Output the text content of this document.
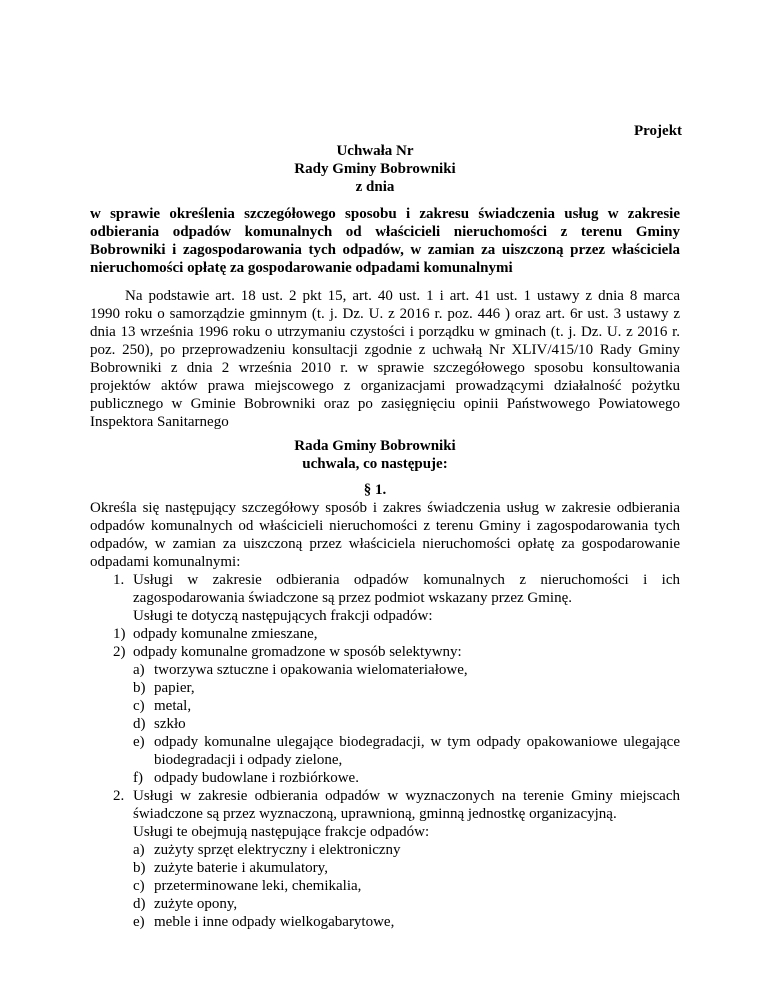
Projekt
Uchwała Nr
Rady Gminy Bobrowniki
z dnia
w sprawie określenia szczegółowego sposobu i zakresu świadczenia usług w zakresie
odbierania odpadów komunalnych od właścicieli nieruchomości z terenu Gminy
Bobrowniki i zagospodarowania tych odpadów, w zamian za uiszczoną przez właściciela
nieruchomości opłatę za gospodarowanie odpadami komunalnymi
Na podstawie art. 18 ust. 2 pkt 15, art. 40 ust. 1 i art. 41 ust. 1 ustawy z dnia 8 marca
1990 roku o samorządzie gminnym (t. j. Dz. U. z 2016 r. poz. 446 ) oraz art. 6r ust. 3 ustawy z
dnia 13 września 1996 roku o utrzymaniu czystości i porządku w gminach (t. j. Dz. U. z 2016 r.
poz. 250), po przeprowadzeniu konsultacji zgodnie z uchwałą Nr XLIV/415/10 Rady Gminy
Bobrowniki z dnia 2 września 2010 r. w sprawie szczegółowego sposobu konsultowania
projektów aktów prawa miejscowego z organizacjami prowadzącymi działalność pożytku
publicznego w Gminie Bobrowniki oraz po zasięgnięciu opinii Państwowego Powiatowego
Inspektora Sanitarnego
Rada Gminy Bobrowniki
uchwala, co następuje:
§ 1.
Określa się następujący szczegółowy sposób i zakres świadczenia usług w zakresie odbierania
odpadów komunalnych od właścicieli nieruchomości z terenu Gminy i zagospodarowania tych
odpadów, w zamian za uiszczoną przez właściciela nieruchomości opłatę za gospodarowanie
odpadami komunalnymi:
1. Usługi w zakresie odbierania odpadów komunalnych z nieruchomości i ich
zagospodarowania świadczone są przez podmiot wskazany przez Gminę.
Usługi te dotyczą następujących frakcji odpadów:
1) odpady komunalne zmieszane,
2) odpady komunalne gromadzone w sposób selektywny:
a) tworzywa sztuczne i opakowania wielomateriałowe,
b) papier,
c) metal,
d) szkło
e) odpady komunalne ulegające biodegradacji, w tym odpady opakowaniowe ulegające
biodegradacji i odpady zielone,
f) odpady budowlane i rozbiórkowe.
2. Usługi w zakresie odbierania odpadów w wyznaczonych na terenie Gminy miejscach
świadczone są przez wyznaczoną, uprawnioną, gminną jednostkę organizacyjną.
Usługi te obejmują następujące frakcje odpadów:
a) zużyty sprzęt elektryczny i elektroniczny
b) zużyte baterie i akumulatory,
c) przeterminowane leki, chemikalia,
d) zużyte opony,
e) meble i inne odpady wielkogabarytowe,
